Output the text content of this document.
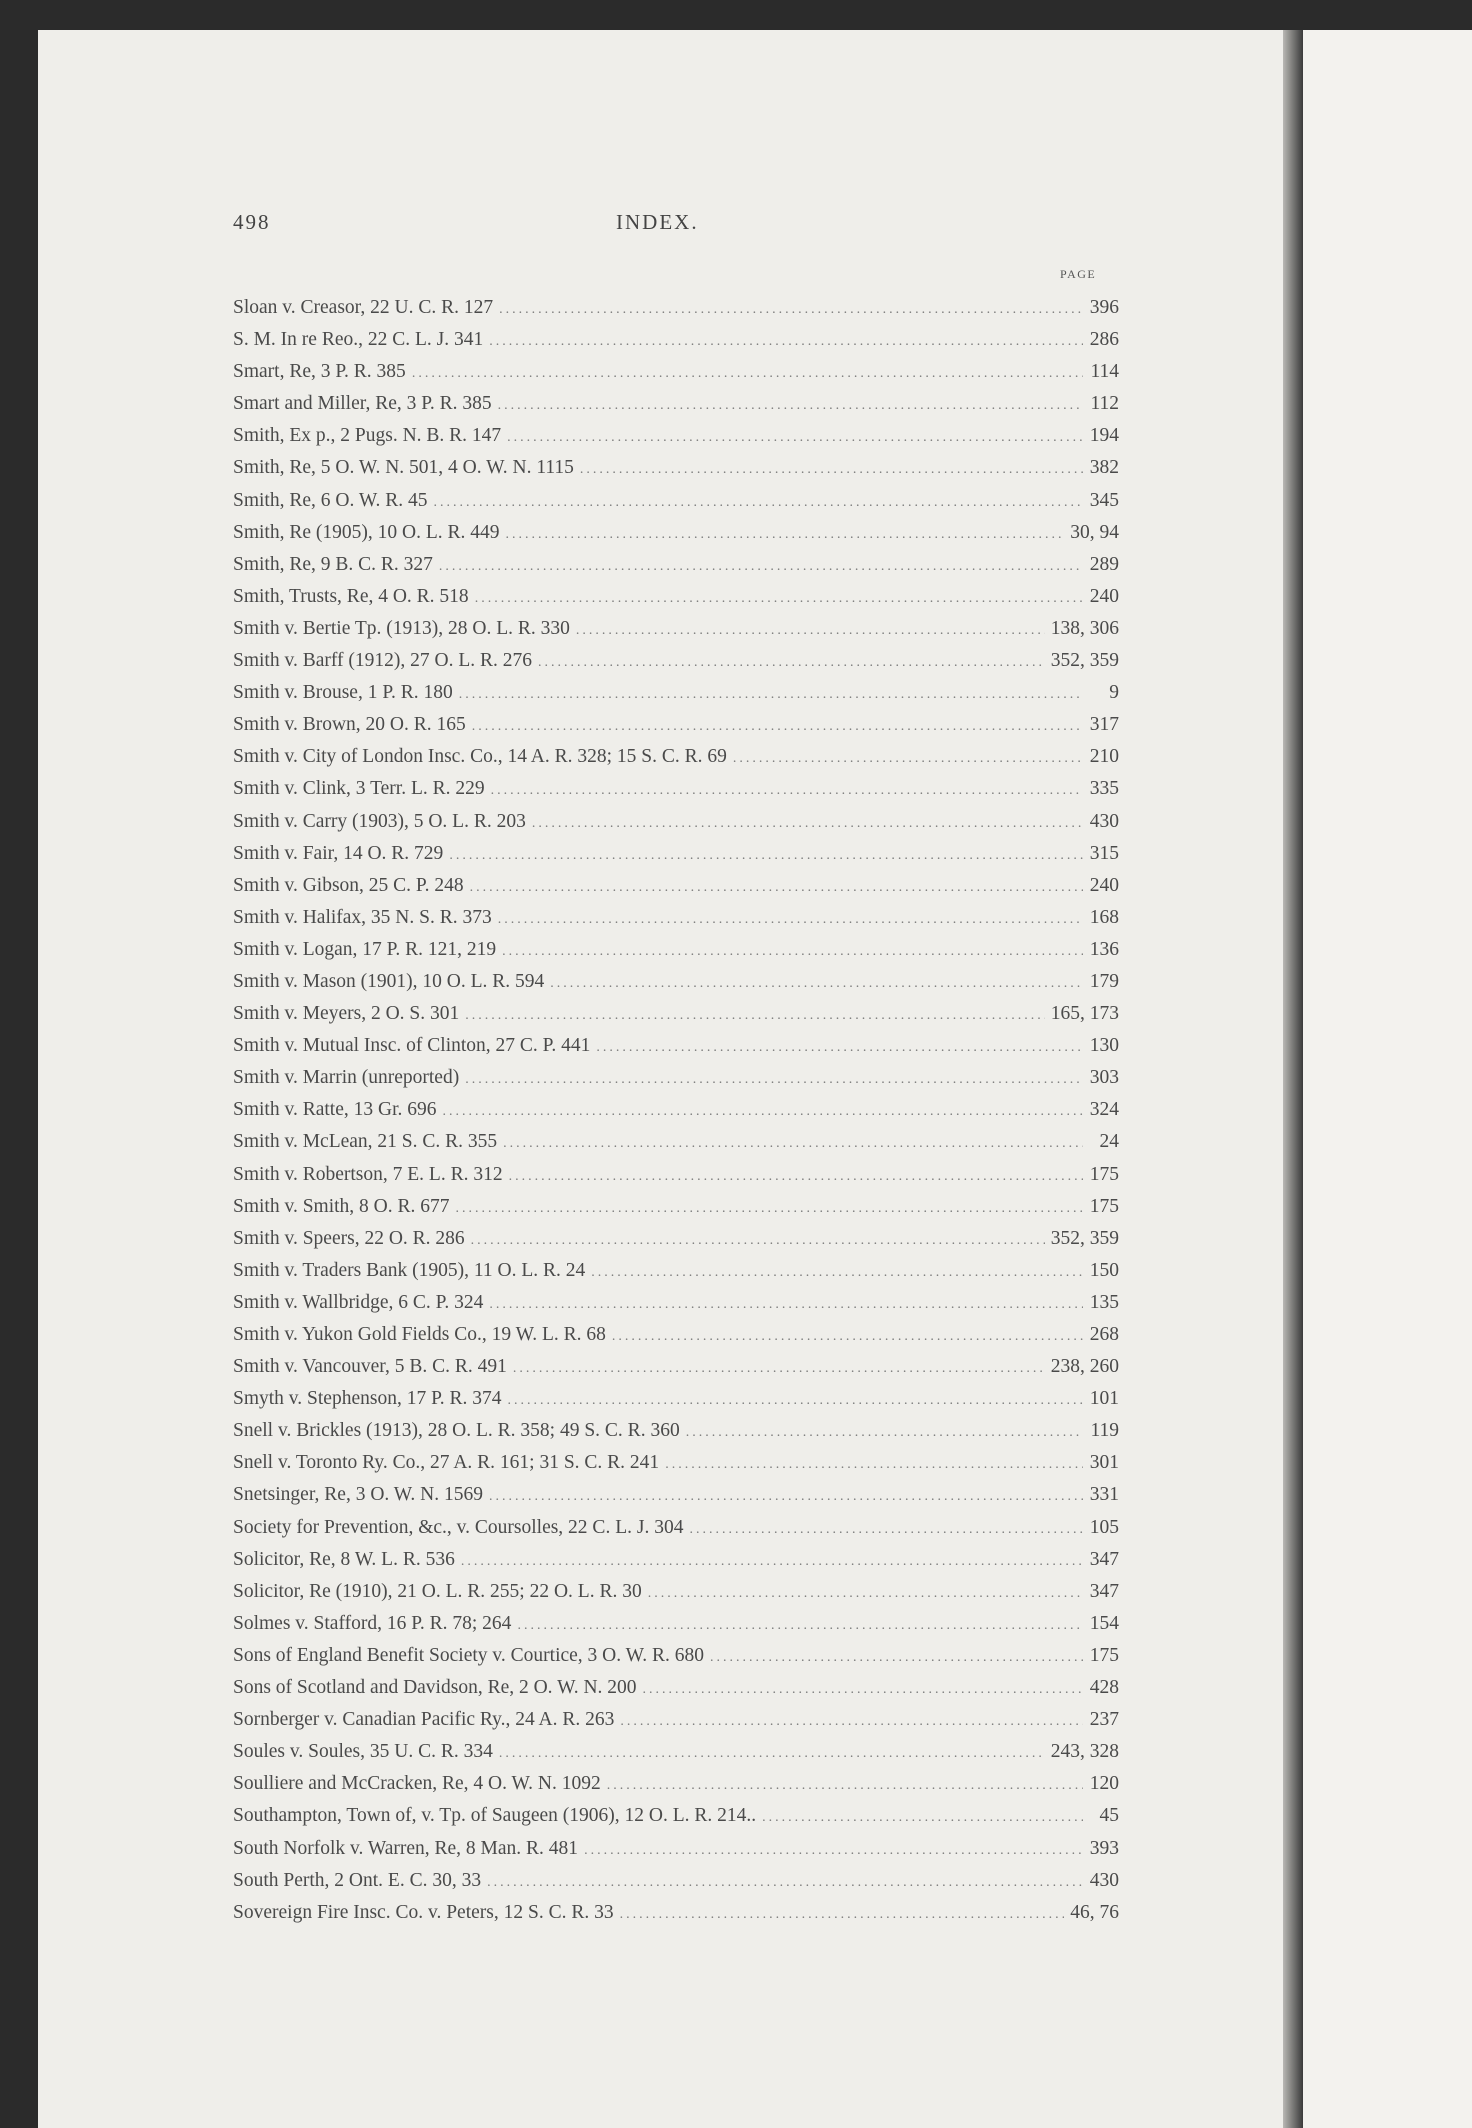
498	INDEX.
PAGE
Sloan v. Creasor, 22 U. C. R. 127 .....	396
S. M. In re Reo., 22 C. L. J. 341 .....	286
Smart, Re, 3 P. R. 385 .....	114
Smart and Miller, Re, 3 P. R. 385 .....	112
Smith, Ex p., 2 Pugs. N. B. R. 147 .....	194
Smith, Re, 5 O. W. N. 501, 4 O. W. N. 1115 .....	382
Smith, Re, 6 O. W. R. 45 .....	345
Smith, Re (1905), 10 O. L. R. 449 .....	30, 94
Smith, Re, 9 B. C. R. 327 .....	289
Smith, Trusts, Re, 4 O. R. 518 .....	240
Smith v. Bertie Tp. (1913), 28 O. L. R. 330 .....	138, 306
Smith v. Barff (1912), 27 O. L. R. 276 .....	352, 359
Smith v. Brouse, 1 P. R. 180 .....	9
Smith v. Brown, 20 O. R. 165 .....	317
Smith v. City of London Insc. Co., 14 A. R. 328; 15 S. C. R. 69 .....	210
Smith v. Clink, 3 Terr. L. R. 229 .....	335
Smith v. Carry (1903), 5 O. L. R. 203 .....	430
Smith v. Fair, 14 O. R. 729 .....	315
Smith v. Gibson, 25 C. P. 248 .....	240
Smith v. Halifax, 35 N. S. R. 373 .....	168
Smith v. Logan, 17 P. R. 121, 219 .....	136
Smith v. Mason (1901), 10 O. L. R. 594 .....	179
Smith v. Meyers, 2 O. S. 301 .....	165, 173
Smith v. Mutual Insc. of Clinton, 27 C. P. 441 .....	130
Smith v. Marrin (unreported) .....	303
Smith v. Ratte, 13 Gr. 696 .....	324
Smith v. McLean, 21 S. C. R. 355 .....	24
Smith v. Robertson, 7 E. L. R. 312 .....	175
Smith v. Smith, 8 O. R. 677 .....	175
Smith v. Speers, 22 O. R. 286 .....	352, 359
Smith v. Traders Bank (1905), 11 O. L. R. 24 .....	150
Smith v. Wallbridge, 6 C. P. 324 .....	135
Smith v. Yukon Gold Fields Co., 19 W. L. R. 68 .....	268
Smith v. Vancouver, 5 B. C. R. 491 .....	238, 260
Smyth v. Stephenson, 17 P. R. 374 .....	101
Snell v. Brickles (1913), 28 O. L. R. 358; 49 S. C. R. 360 .....	119
Snell v. Toronto Ry. Co., 27 A. R. 161; 31 S. C. R. 241 .....	301
Snetsinger, Re, 3 O. W. N. 1569 .....	331
Society for Prevention, &c., v. Coursolles, 22 C. L. J. 304 .....	105
Solicitor, Re, 8 W. L. R. 536 .....	347
Solicitor, Re (1910), 21 O. L. R. 255; 22 O. L. R. 30 .....	347
Solmes v. Stafford, 16 P. R. 78; 264 .....	154
Sons of England Benefit Society v. Courtice, 3 O. W. R. 680 .....	175
Sons of Scotland and Davidson, Re, 2 O. W. N. 200 .....	428
Sornberger v. Canadian Pacific Ry., 24 A. R. 263 .....	237
Soules v. Soules, 35 U. C. R. 334 .....	243, 328
Soulliere and McCracken, Re, 4 O. W. N. 1092 .....	120
Southampton, Town of, v. Tp. of Saugeen (1906), 12 O. L. R. 214.. .....	45
South Norfolk v. Warren, Re, 8 Man. R. 481 .....	393
South Perth, 2 Ont. E. C. 30, 33 .....	430
Sovereign Fire Insc. Co. v. Peters, 12 S. C. R. 33 .....	46, 76
